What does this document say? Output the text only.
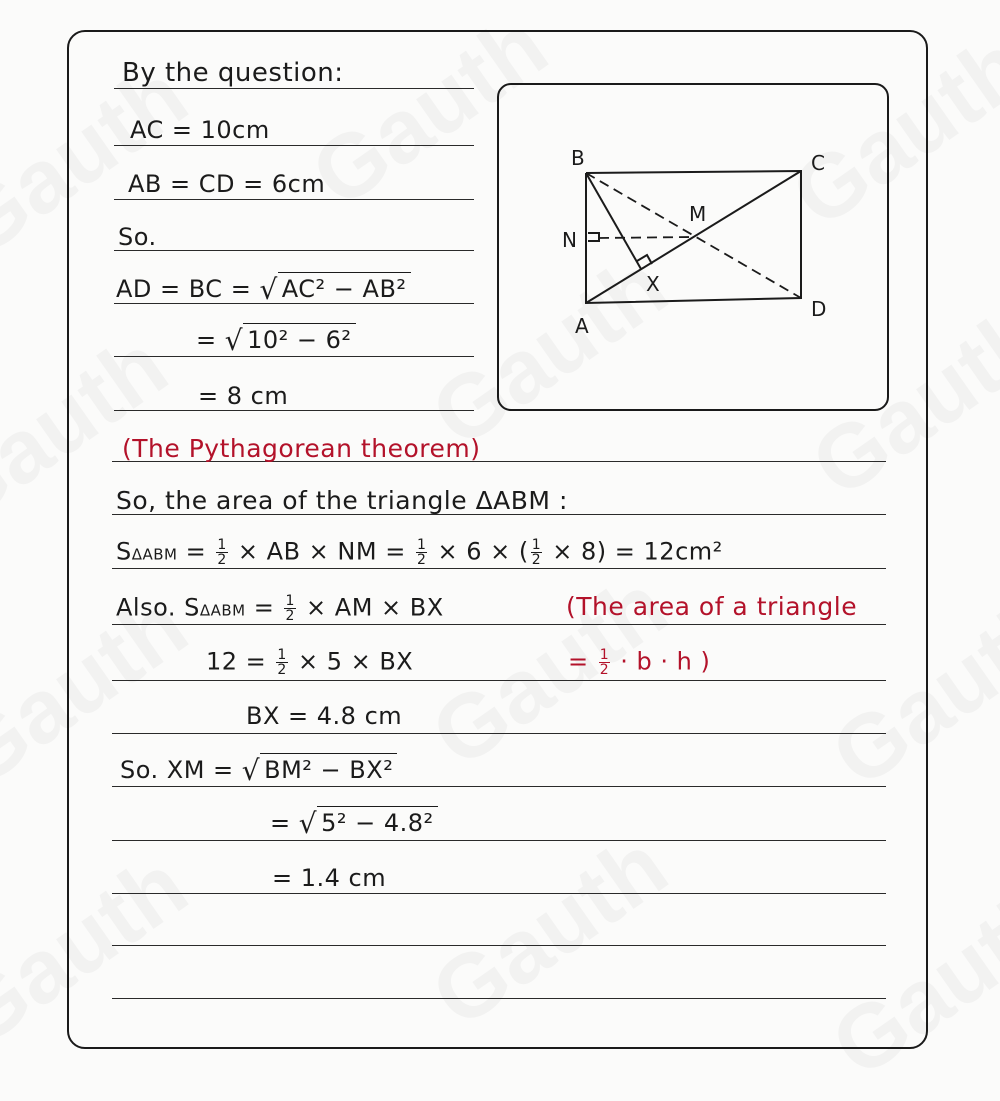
By the question:
AC = 10cm
AB = CD = 6cm
So.
AD = BC = √ AC² − AB²
= √ 10² − 6²
= 8 cm
(The Pythagorean theorem)
So, the area of the triangle ΔABM :
$S\Delta ABM = \frac{1}{2}$ × AB × NM = $\frac{1}{2} \times 6$ × ( $\frac{1}{2} \times 8) = 12cm^2$
Also. $S\Delta ABM = \frac{1}{2}$ × AM × BX	(The area of a triangle
$12 = \frac{1}{2} \times 5$ × BX	= $\frac{1}{2} \cdot b \cdot h$ )
BX = 4.8 cm
So. XM = √ BM² − BX²
= √ 5² − 4.8²
= 1.4 cm
B	C
M
N
X
A
D
